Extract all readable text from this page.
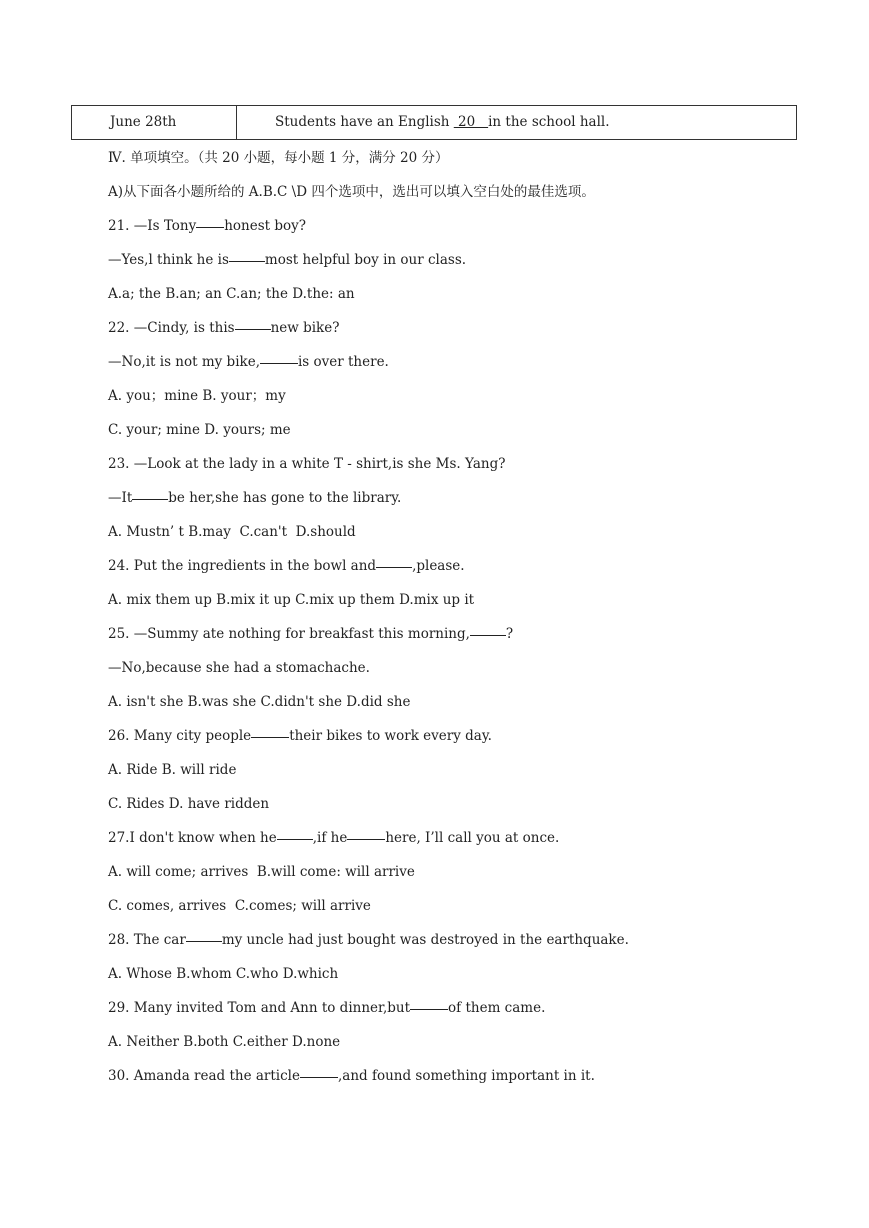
June 28th	Students have an English  20   in the school hall.
Ⅳ. 单项填空。（共 20 小题，每小题 1 分，满分 20 分）
A)从下面各小题所给的 A.B.C \D 四个选项中，选出可以填入空白处的最佳选项。
21. —Is Tony honest boy?
—Yes,l think he is	most helpful boy in our class.
A.a; the B.an; an C.an; the D.the: an
22. —Cindy, is this	new bike?
—No,it is not my bike,	is over there.
A. you；mine B. your；my
C. your; mine D. yours; me
23. —Look at the lady in a white T - shirt,is she Ms. Yang?
—It	be her,she has gone to the library.
A. Mustn’ t B.may  C.can't  D.should
24. Put the ingredients in the bowl and	,please.
A. mix them up B.mix it up C.mix up them D.mix up it
25. —Summy ate nothing for breakfast this morning,	?
—No,because she had a stomachache.
A. isn't she B.was she C.didn't she D.did she
26. Many city people	their bikes to work every day.
A. Ride B. will ride
C. Rides D. have ridden
27.I don't know when he	,if he	here, I’ll call you at once.
A. will come; arrives  B.will come: will arrive
C. comes, arrives  C.comes; will arrive
28. The car	my uncle had just bought was destroyed in the earthquake.
A. Whose B.whom C.who D.which
29. Many invited Tom and Ann to dinner,but	of them came.
A. Neither B.both C.either D.none
30. Amanda read the article	,and found something important in it.
